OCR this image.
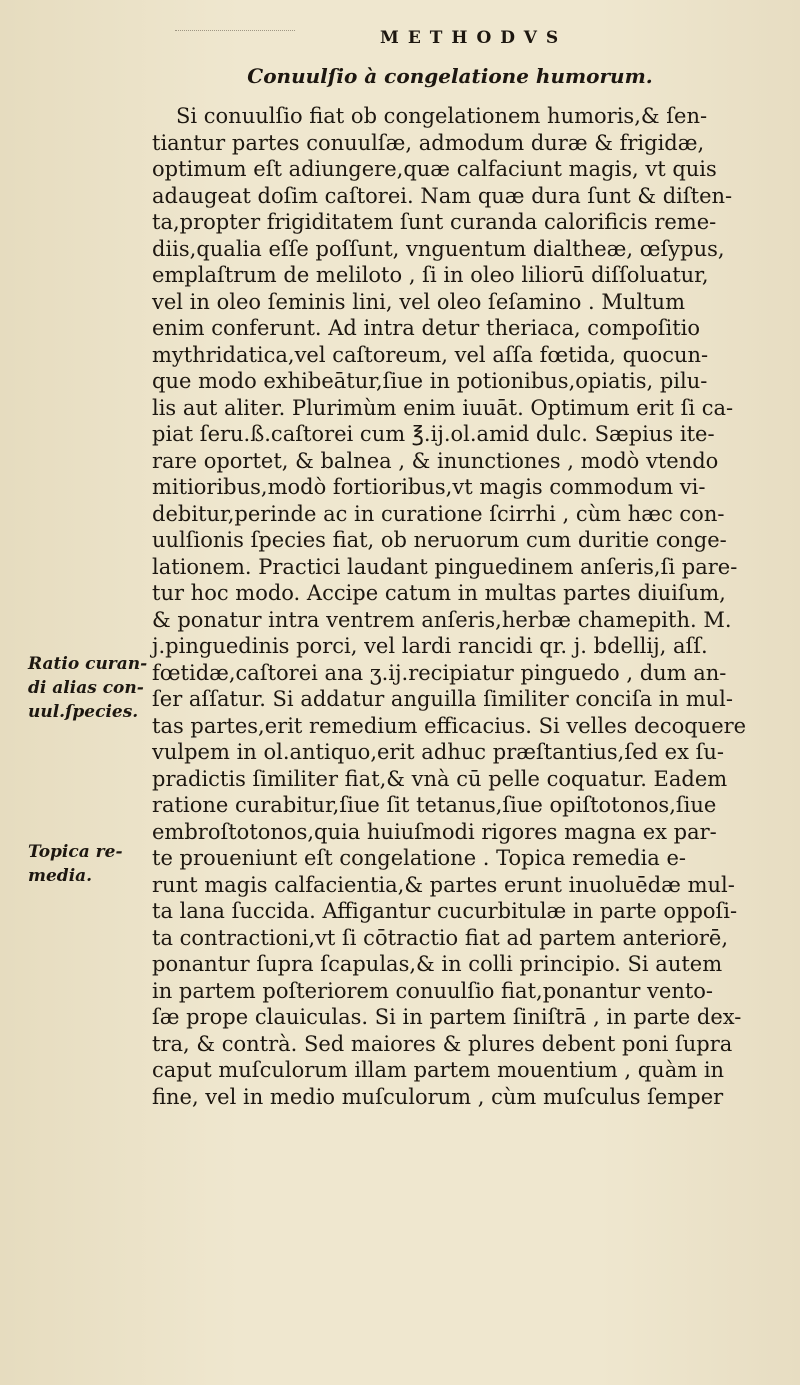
METHODVS
Conuulſio à congelatione humorum.
Ratio curan-
di alias con-
uul.ſpecies.
Topica re-
media.
Si conuulſio fiat ob congelationem humoris,& ſen-
tiantur partes conuulſæ, admodum duræ & frigidæ,
optimum eſt adiungere,quæ calfaciunt magis, vt quis
adaugeat doſim caſtorei. Nam quæ dura ſunt & diſten-
ta,propter frigiditatem ſunt curanda calorificis reme-
diis,qualia eſſe poſſunt, vnguentum dialtheæ, œſypus,
emplaſtrum de meliloto , ſi in oleo liliorū diſſoluatur,
vel in oleo ſeminis lini, vel oleo ſeſamino . Multum
enim conferunt. Ad intra detur theriaca, compoſitio
mythridatica,vel caſtoreum, vel aſſa fœtida, quocun-
que modo exhibeātur,ſiue in potionibus,opiatis, pilu-
lis aut aliter. Plurimùm enim iuuāt. Optimum erit ſi ca-
piat ſeru.ß.caſtorei cum ℥.ij.ol.amid dulc. Sæpius ite-
rare oportet, & balnea , & inunctiones , modò vtendo
mitioribus,modò fortioribus,vt magis commodum vi-
debitur,perinde ac in curatione ſcirrhi , cùm hæc con-
uulſionis ſpecies fiat, ob neruorum cum duritie conge-
lationem. Practici laudant pinguedinem anſeris,ſi pare-
tur hoc modo. Accipe catum in multas partes diuiſum,
& ponatur intra ventrem anſeris,herbæ chamepith. M.
j.pinguedinis porci, vel lardi rancidi qr. j. bdellij, aſſ.
fœtidæ,caſtorei ana ʒ.ij.recipiatur pinguedo , dum an-
ſer aſſatur. Si addatur anguilla ſimiliter conciſa in mul-
tas partes,erit remedium efficacius. Si velles decoquere
vulpem in ol.antiquo,erit adhuc præſtantius,ſed ex ſu-
pradictis ſimiliter fiat,& vnà cū pelle coquatur. Eadem
ratione curabitur,ſiue ſit tetanus,ſiue opiſtotonos,ſiue
embroſtotonos,quia huiuſmodi rigores magna ex par-
te proueniunt eſt congelatione . Topica remedia e-
runt magis calfacientia,& partes erunt inuoluēdæ mul-
ta lana ſuccida. Affigantur cucurbitulæ in parte oppoſi-
ta contractioni,vt ſi cōtractio fiat ad partem anteriorē,
ponantur ſupra ſcapulas,& in colli principio. Si autem
in partem poſteriorem conuulſio fiat,ponantur vento-
ſæ prope clauiculas. Si in partem ſiniſtrā , in parte dex-
tra, & contrà. Sed maiores & plures debent poni ſupra
caput muſculorum illam partem mouentium , quàm in
fine, vel in medio muſculorum , cùm muſculus ſemper
